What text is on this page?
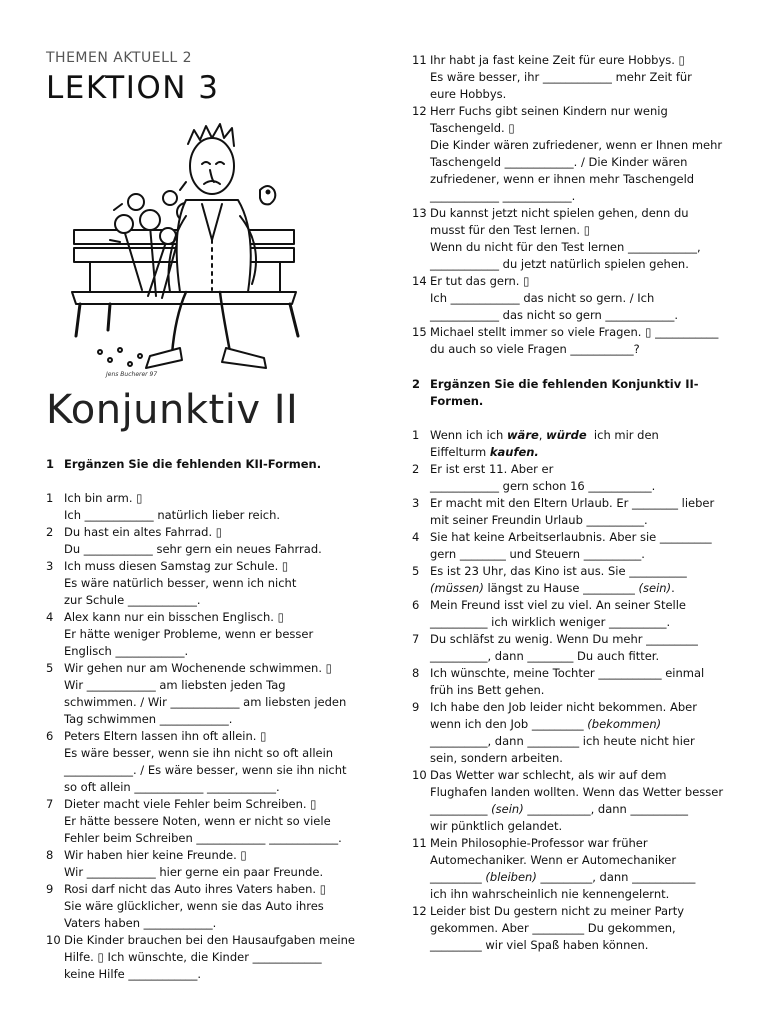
THEMEN AKTUELL 2
LEKTION 3
Jens Bucherer 97
Konjunktiv II
1 Ergänzen Sie die fehlenden KII-Formen.
1 Ich bin arm. ▯
Ich ____________ natürlich lieber reich.
2 Du hast ein altes Fahrrad. ▯
Du ____________ sehr gern ein neues Fahrrad.
3 Ich muss diesen Samstag zur Schule. ▯
Es wäre natürlich besser, wenn ich nicht
zur Schule ____________.
4 Alex kann nur ein bisschen Englisch. ▯
Er hätte weniger Probleme, wenn er besser
Englisch ____________.
5 Wir gehen nur am Wochenende schwimmen. ▯
Wir ____________ am liebsten jeden Tag
schwimmen. / Wir ____________ am liebsten jeden
Tag schwimmen ____________.
6 Peters Eltern lassen ihn oft allein. ▯
Es wäre besser, wenn sie ihn nicht so oft allein
____________. / Es wäre besser, wenn sie ihn nicht
so oft allein ____________ ____________.
7 Dieter macht viele Fehler beim Schreiben. ▯
Er hätte bessere Noten, wenn er nicht so viele
Fehler beim Schreiben ____________ ____________.
8 Wir haben hier keine Freunde. ▯
Wir ____________ hier gerne ein paar Freunde.
9 Rosi darf nicht das Auto ihres Vaters haben. ▯
Sie wäre glücklicher, wenn sie das Auto ihres
Vaters haben ____________.
10 Die Kinder brauchen bei den Hausaufgaben meine
Hilfe. ▯ Ich wünschte, die Kinder ____________
keine Hilfe ____________.
11 Ihr habt ja fast keine Zeit für eure Hobbys. ▯
Es wäre besser, ihr ____________ mehr Zeit für
eure Hobbys.
12 Herr Fuchs gibt seinen Kindern nur wenig
Taschengeld. ▯
Die Kinder wären zufriedener, wenn er Ihnen mehr
Taschengeld ____________. / Die Kinder wären
zufriedener, wenn er ihnen mehr Taschengeld
____________ ____________.
13 Du kannst jetzt nicht spielen gehen, denn du
musst für den Test lernen. ▯
Wenn du nicht für den Test lernen ____________,
____________ du jetzt natürlich spielen gehen.
14 Er tut das gern. ▯
Ich ____________ das nicht so gern. / Ich
____________ das nicht so gern ____________.
15 Michael stellt immer so viele Fragen. ▯ ___________
du auch so viele Fragen ___________?
2 Ergänzen Sie die fehlenden Konjunktiv II-
Formen.
1 Wenn ich ich wäre, würde  ich mir den
Eiffelturm kaufen.
2 Er ist erst 11. Aber er
____________ gern schon 16 ___________.
3 Er macht mit den Eltern Urlaub. Er ________ lieber
mit seiner Freundin Urlaub __________.
4 Sie hat keine Arbeitserlaubnis. Aber sie _________
gern ________ und Steuern __________.
5 Es ist 23 Uhr, das Kino ist aus. Sie __________
(müssen) längst zu Hause _________ (sein).
6 Mein Freund isst viel zu viel. An seiner Stelle
__________ ich wirklich weniger __________.
7 Du schläfst zu wenig. Wenn Du mehr _________
__________, dann ________ Du auch fitter.
8 Ich wünschte, meine Tochter ___________ einmal
früh ins Bett gehen.
9 Ich habe den Job leider nicht bekommen. Aber
wenn ich den Job _________ (bekommen)
__________, dann _________ ich heute nicht hier
sein, sondern arbeiten.
10 Das Wetter war schlecht, als wir auf dem
Flughafen landen wollten. Wenn das Wetter besser
__________ (sein) ___________, dann __________
wir pünktlich gelandet.
11 Mein Philosophie-Professor war früher
Automechaniker. Wenn er Automechaniker
_________ (bleiben) _________, dann ___________
ich ihn wahrscheinlich nie kennengelernt.
12 Leider bist Du gestern nicht zu meiner Party
gekommen. Aber _________ Du gekommen,
_________ wir viel Spaß haben können.
